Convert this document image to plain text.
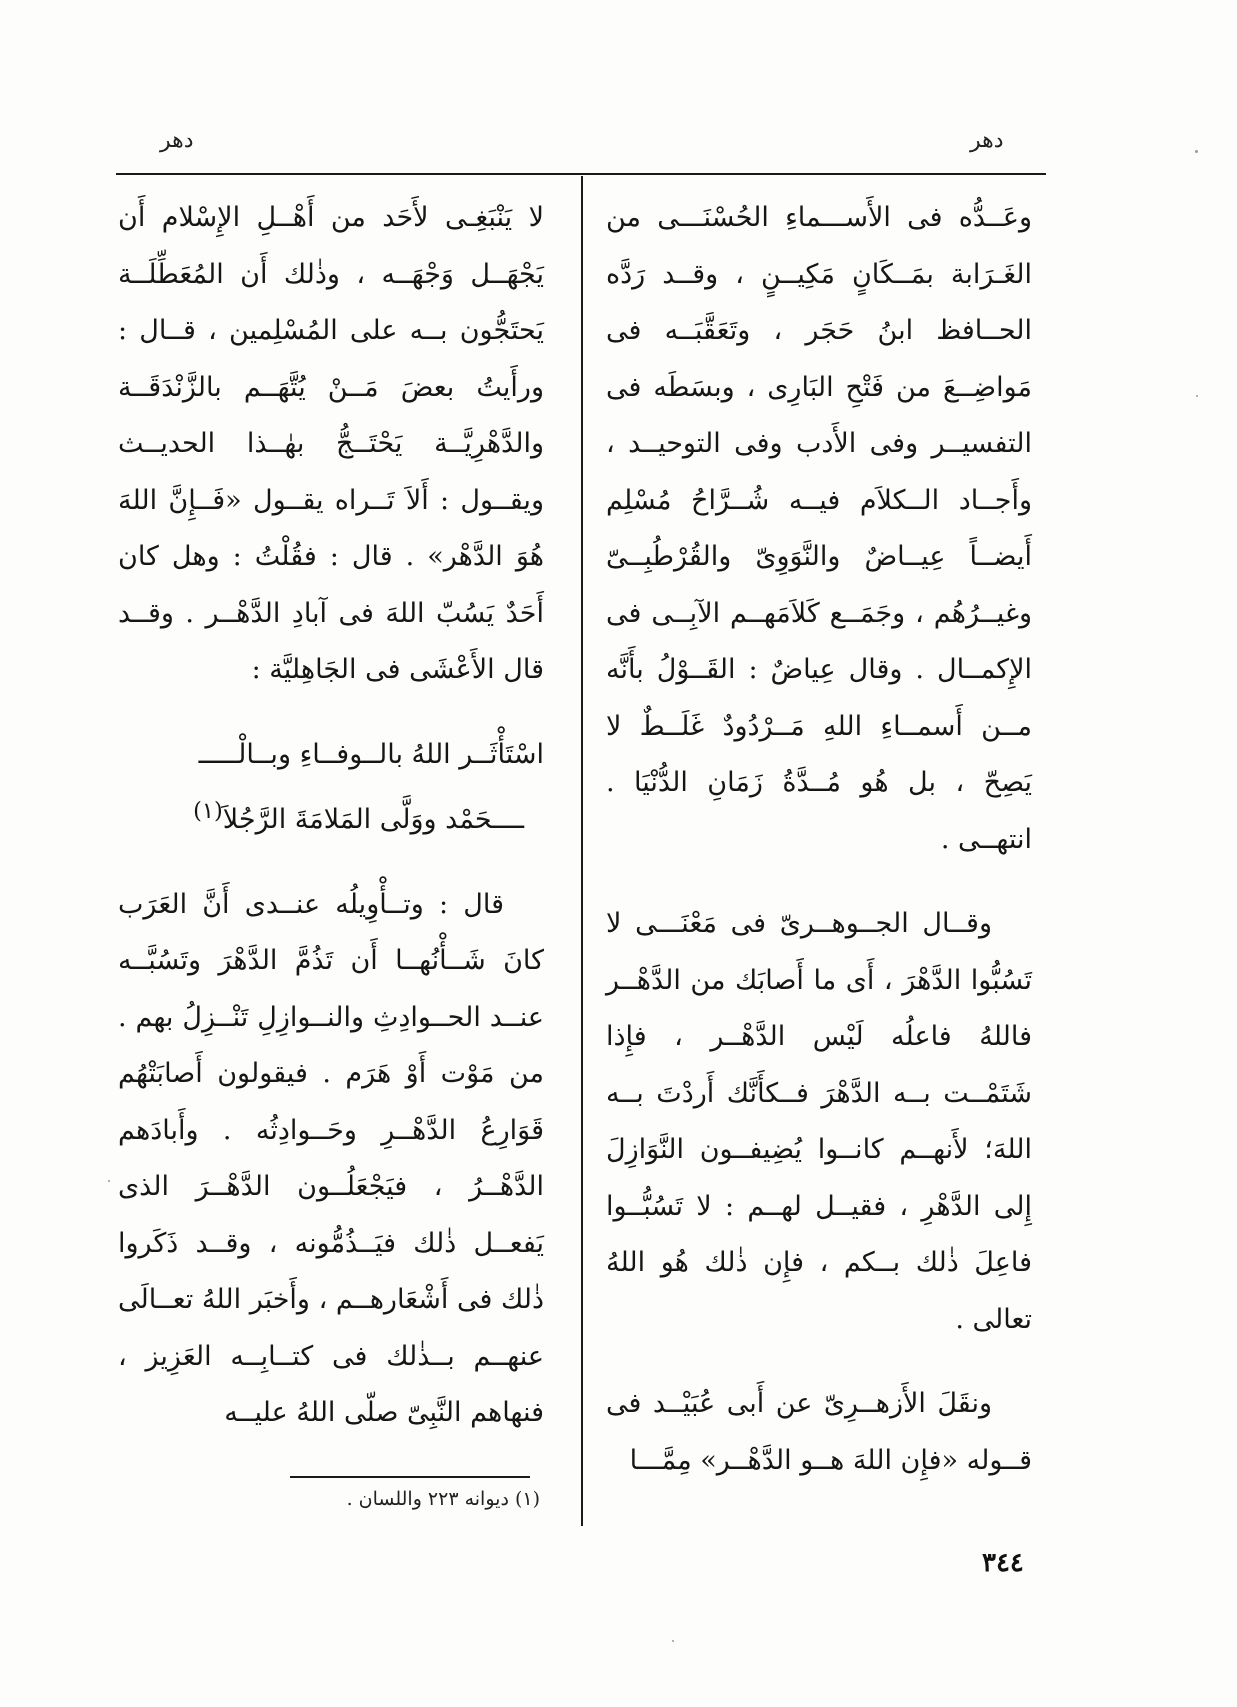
دهر
دهر

وعَــدُّه فى الأَســـماءِ الحُسْنَـــى من الغَـرَابة بمَــكَانٍ مَكِيــنٍ ، وقــد رَدَّه الحــافظ ابنُ حَجَر ، وتَعَقَّبَــه فى مَواضِــعَ من فَتْحِ البَارِى ، وبسَطَه فى التفسيــر وفى الأَدب وفى التوحيــد ، وأَجــاد الــكلاَم فيــه شُــرَّاحُ مُسْلِم أَيضــاً عِيــاضٌ والنَّوَوِىّ والقُرْطُبِــىّ وغيــرُهُم ، وجَمَــع كَلاَمَهــم الآبِــى فى الإِكمــال . وقال عِياضٌ : القَــوْلُ بأَنَّه مــن أَسمــاءِ اللهِ مَــرْدُودٌ غَلَــطٌ لا يَصِحّ ، بل هُو مُــدَّةُ زَمَانِ الدُّنْيَا . انتهــى .

وقــال الجــوهــرىّ فى مَعْنَـــى لا تَسُبُّوا الدَّهْرَ ، أَى ما أَصابَك من الدَّهْــر فاللهُ فاعلُه لَيْس الدَّهْــر ، فإِذا شَتَمْــت بــه الدَّهْرَ فــكأَنَّك أَردْتَ بــه اللهَ؛ لأَنهــم كانــوا يُضِيفــون النَّوَازِلَ إِلى الدَّهْرِ ، فقيــل لهــم : لا تَسُبُّــوا فاعِلَ ذٰلك بــكم ، فإِن ذٰلك هُو اللهُ تعالى .

ونقَلَ الأَزهــرِىّ عن أَبى عُبَيْــد فى قــوله «فإِن اللهَ هــو الدَّهْــر» مِمَّـــا

لا يَنْبَغِـى لأَحَد من أَهْــلِ الإِسْلام أَن يَجْهَــل وَجْهَــه ، وذٰلك أَن المُعَطِّلَــة يَحتَجُّون بــه على المُسْلِمين ، قــال : ورأَيتُ بعضَ مَــنْ يُتَّهَــم بالزَّنْدَقَــة والدَّهْرِيَّــة يَحْتَــجُّ بهٰــذا الحديــث ويقــول : أَلاَ تَــراه يقــول «فَــإِنَّ اللهَ هُوَ الدَّهْر» . قال : فقُلْتُ : وهل كان أَحَدٌ يَسُبّ اللهَ فى آبادِ الدَّهْــر . وقــد قال الأَعْشَى فى الجَاهِليَّة :

اسْتَأْثَــر اللهُ بالــوفــاءِ وبــالْـــــ

ــــحَمْد ووَلَّى المَلامَةَ الرَّجُلاَ$^{(١)}$

قال : وتــأْوِيلُه عنــدى أَنَّ العَرَب كانَ شَــأْنُهــا أَن تَذُمَّ الدَّهْرَ وتَسُبَّــه عنــد الحــوادِثِ والنــوازِلِ تَنْــزِلُ بهم . من مَوْت أَوْ هَرَم . فيقولون أَصابَتْهُم قَوَارِعُ الدَّهْــرِ وحَــوادِثُه . وأَبادَهم الدَّهْــرُ ، فيَجْعَلُــون الدَّهْــرَ الذى يَفعــل ذٰلك فيَــذُمُّونه ، وقــد ذَكَروا ذٰلك فى أَشْعَارهــم ، وأَخبَر اللهُ تعــالَى عنهــم بــذٰلك فى كتــابِــه العَزِيز ، فنهاهم النَّبِىّ صلّى اللهُ عليــه

(١) ديوانه ٢٢٣ واللسان .
٣٤٤
